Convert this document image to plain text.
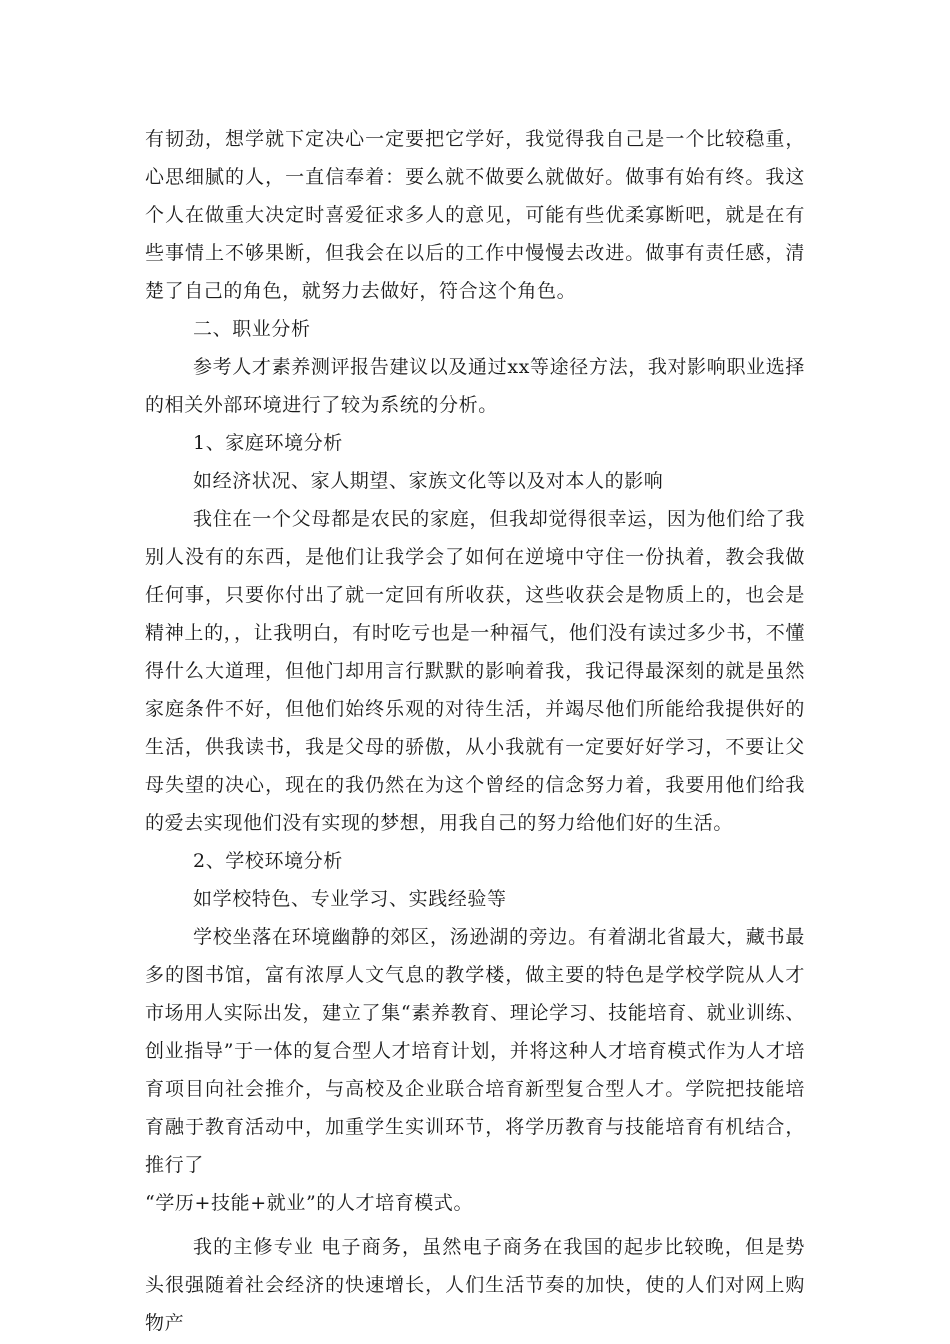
有韧劲，想学就下定决心一定要把它学好，我觉得我自己是一个比较稳重，心思细腻的人，一直信奉着：要么就不做要么就做好。做事有始有终。我这个人在做重大决定时喜爱征求多人的意见，可能有些优柔寡断吧，就是在有些事情上不够果断，但我会在以后的工作中慢慢去改进。做事有责任感，清楚了自己的角色，就努力去做好，符合这个角色。

二、职业分析

参考人才素养测评报告建议以及通过xx等途径方法，我对影响职业选择的相关外部环境进行了较为系统的分析。

1、家庭环境分析

如经济状况、家人期望、家族文化等以及对本人的影响

我住在一个父母都是农民的家庭，但我却觉得很幸运，因为他们给了我别人没有的东西，是他们让我学会了如何在逆境中守住一份执着，教会我做任何事，只要你付出了就一定回有所收获，这些收获会是物质上的，也会是精神上的，，让我明白，有时吃亏也是一种福气，他们没有读过多少书，不懂得什么大道理，但他门却用言行默默的影响着我，我记得最深刻的就是虽然家庭条件不好，但他们始终乐观的对待生活，并竭尽他们所能给我提供好的生活，供我读书，我是父母的骄傲，从小我就有一定要好好学习，不要让父母失望的决心，现在的我仍然在为这个曾经的信念努力着，我要用他们给我的爱去实现他们没有实现的梦想，用我自己的努力给他们好的生活。

2、学校环境分析

如学校特色、专业学习、实践经验等

学校坐落在环境幽静的郊区，汤逊湖的旁边。有着湖北省最大，藏书最多的图书馆，富有浓厚人文气息的教学楼，做主要的特色是学校学院从人才市场用人实际出发，建立了集“素养教育、理论学习、技能培育、就业训练、创业指导”于一体的复合型人才培育计划，并将这种人才培育模式作为人才培育项目向社会推介，与高校及企业联合培育新型复合型人才。学院把技能培育融于教育活动中，加重学生实训环节，将学历教育与技能培育有机结合，推行了

“学历+技能+就业”的人才培育模式。

我的主修专业 电子商务，虽然电子商务在我国的起步比较晚，但是势头很强随着社会经济的快速增长，人们生活节奏的加快，使的人们对网上购物产
